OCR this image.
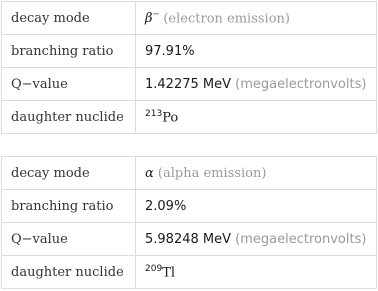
decay mode	β− (electron emission)
branching ratio	97.91%
Q−value	1.42275 MeV (megaelectronvolts)
daughter nuclide	$^{213}$Po
decay mode	α (alpha emission)
branching ratio	2.09%
Q−value	5.98248 MeV (megaelectronvolts)
daughter nuclide	$^{209}$Tl
